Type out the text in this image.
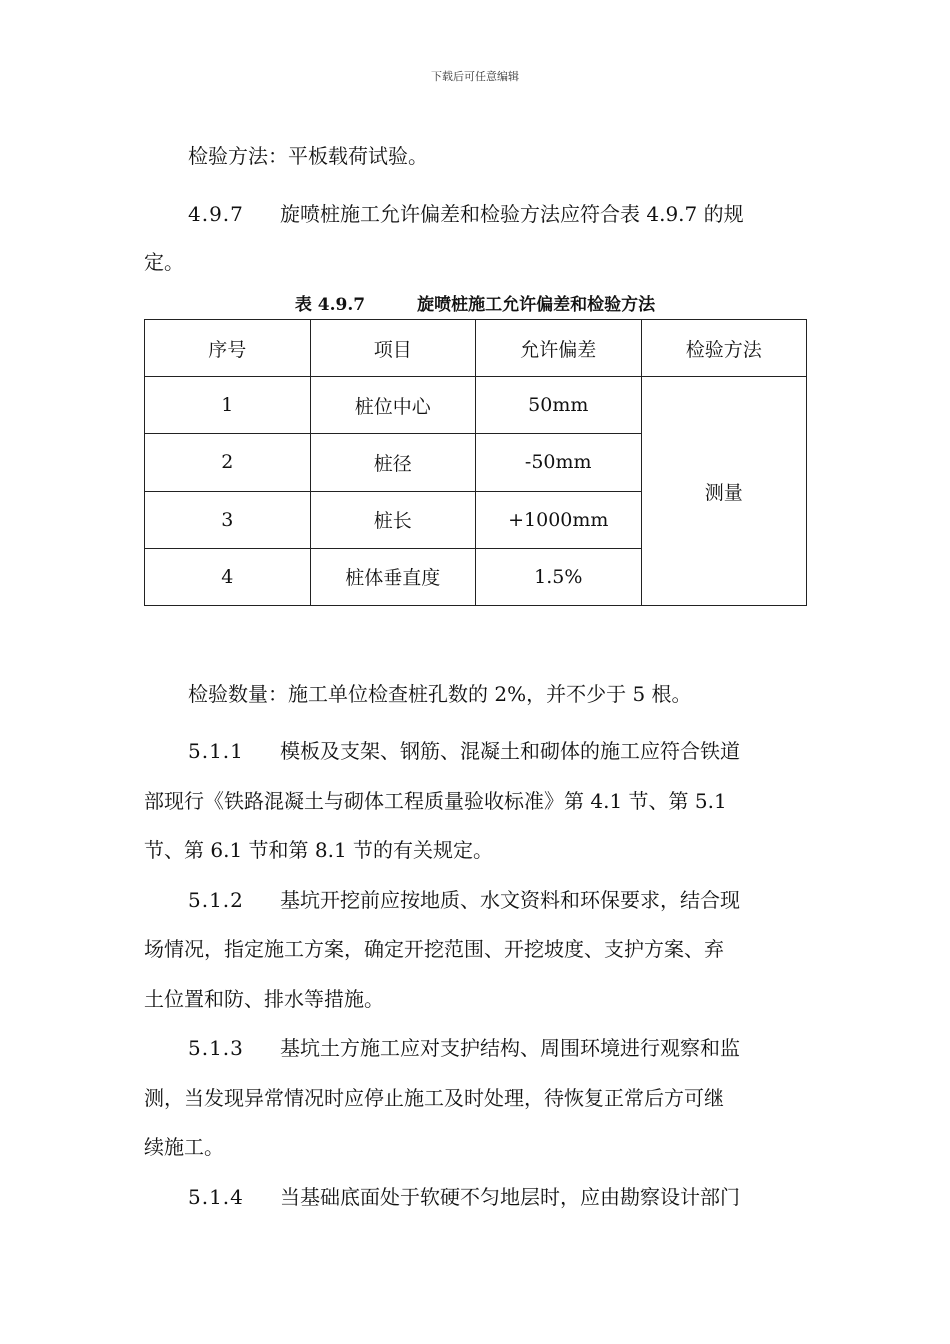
下载后可任意编辑
检验方法：平板载荷试验。
4.9.7 旋喷桩施工允许偏差和检验方法应符合表 4.9.7 的规
定。
表 4.9.7	旋喷桩施工允许偏差和检验方法
序号	项目	允许偏差	检验方法
1	桩位中心	50mm	测量
2	桩径	-50mm	
3	桩长	+1000mm	
4	桩体垂直度	1.5%	
检验数量：施工单位检查桩孔数的 2%，并不少于 5 根。
5.1.1 模板及支架、钢筋、混凝土和砌体的施工应符合铁道
部现行《铁路混凝土与砌体工程质量验收标准》第 4.1 节、第 5.1
节、第 6.1 节和第 8.1 节的有关规定。
5.1.2 基坑开挖前应按地质、水文资料和环保要求，结合现
场情况，指定施工方案，确定开挖范围、开挖坡度、支护方案、弃
土位置和防、排水等措施。
5.1.3 基坑土方施工应对支护结构、周围环境进行观察和监
测，当发现异常情况时应停止施工及时处理，待恢复正常后方可继
续施工。
5.1.4 当基础底面处于软硬不匀地层时，应由勘察设计部门
